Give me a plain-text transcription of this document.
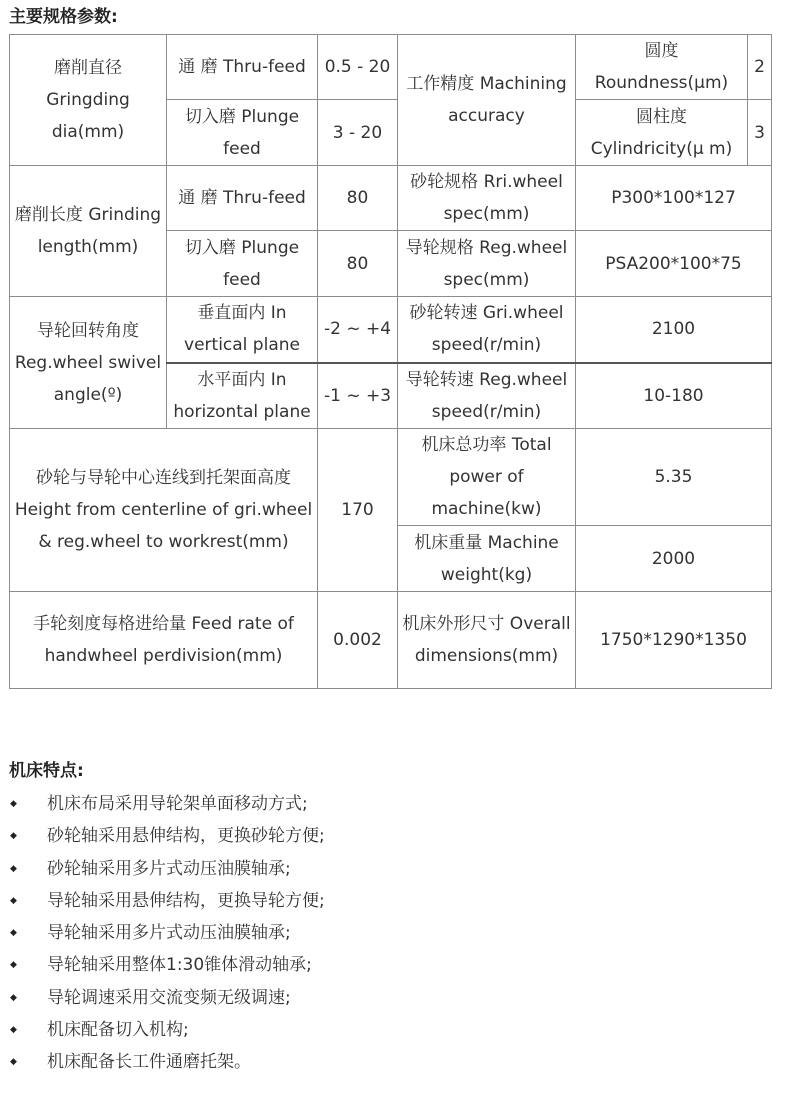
主要规格参数:
磨削直径 Gringding dia(mm)	通 磨 Thru-feed	0.5 - 20	工作精度 Machining accuracy	圆度 Roundness(μm)	2
	切入磨 Plunge feed	3 - 20		圆柱度 Cylindricity(μ m)	3
磨削长度 Grinding length(mm)	通 磨 Thru-feed	80	砂轮规格 Rri.wheel spec(mm)	P300*100*127	
	切入磨 Plunge feed	80	导轮规格 Reg.wheel spec(mm)	PSA200*100*75	
导轮回转角度 Reg.wheel swivel angle(º)	垂直面内 In vertical plane	-2 ~ +4	砂轮转速 Gri.wheel speed(r/min)	2100	
	水平面内 In horizontal plane	-1 ~ +3	导轮转速 Reg.wheel speed(r/min)	10-180	
砂轮与导轮中心连线到托架面高度 Height from centerline of gri.wheel & reg.wheel to workrest(mm)		170	机床总功率 Total power of machine(kw)	5.35	
			机床重量 Machine weight(kg)	2000	
手轮刻度每格进给量 Feed rate of handwheel perdivision(mm)		0.002	机床外形尺寸 Overall dimensions(mm)	1750*1290*1350	
机床特点:
◆ 机床布局采用导轮架单面移动方式;
◆ 砂轮轴采用悬伸结构，更换砂轮方便;
◆ 砂轮轴采用多片式动压油膜轴承;
◆ 导轮轴采用悬伸结构，更换导轮方便;
◆ 导轮轴采用多片式动压油膜轴承;
◆ 导轮轴采用整体1:30锥体滑动轴承;
◆ 导轮调速采用交流变频无级调速;
◆ 机床配备切入机构;
◆ 机床配备长工件通磨托架。
